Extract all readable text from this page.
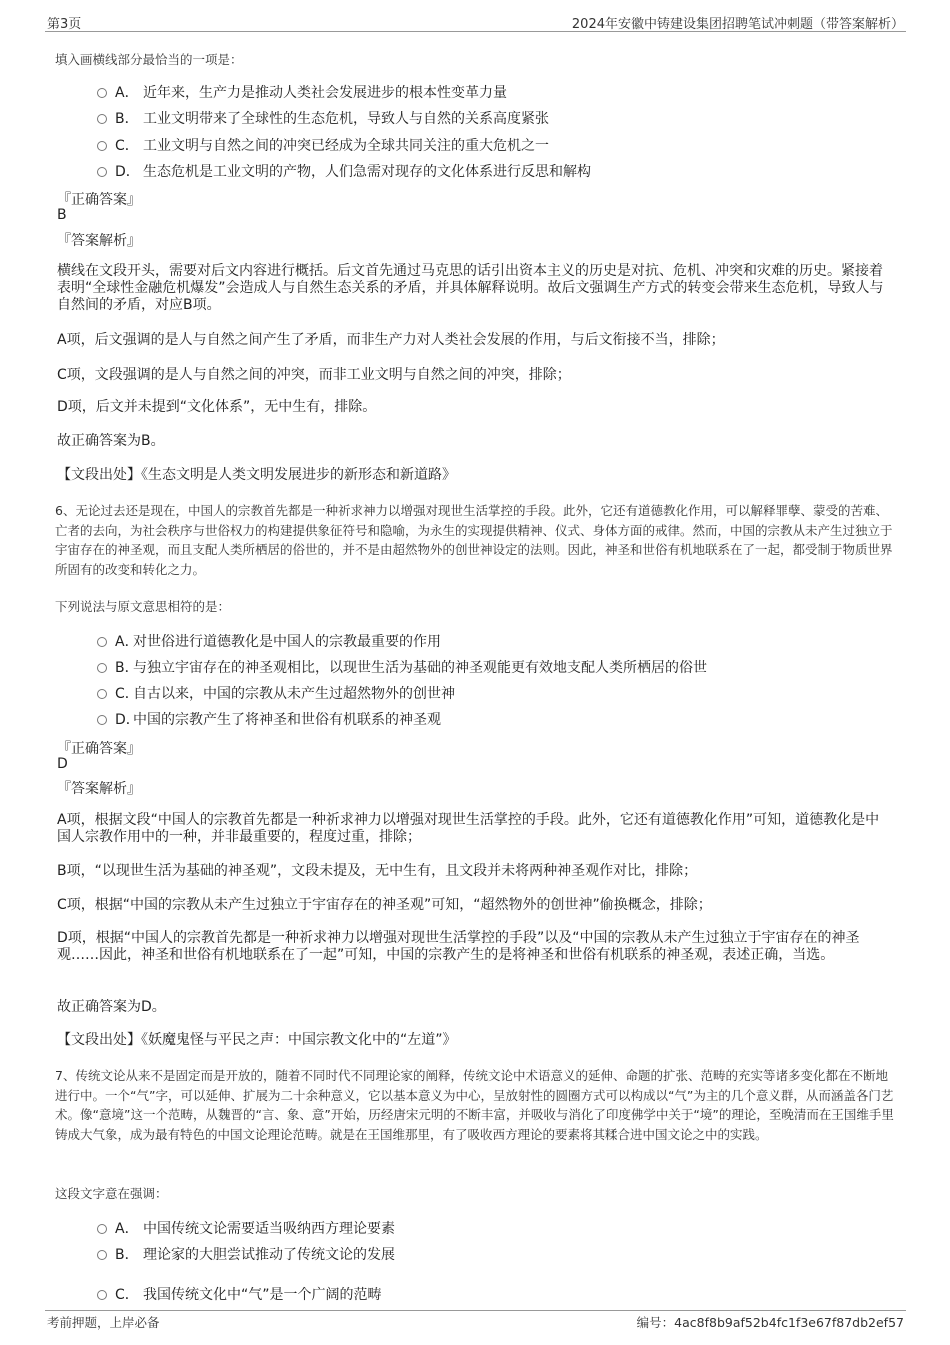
第3页	2024年安徽中铸建设集团招聘笔试冲刺题（带答案解析）
填入画横线部分最恰当的一项是：
A． 近年来，生产力是推动人类社会发展进步的根本性变革力量
B． 工业文明带来了全球性的生态危机，导致人与自然的关系高度紧张
C． 工业文明与自然之间的冲突已经成为全球共同关注的重大危机之一
D． 生态危机是工业文明的产物，人们急需对现存的文化体系进行反思和解构
『正确答案』
B
『答案解析』
横线在文段开头，需要对后文内容进行概括。后文首先通过马克思的话引出资本主义的历史是对抗、危机、冲突和灾难的历史。紧接着表明“全球性金融危机爆发”会造成人与自然生态关系的矛盾，并具体解释说明。故后文强调生产方式的转变会带来生态危机，导致人与自然间的矛盾，对应B项。
A项，后文强调的是人与自然之间产生了矛盾，而非生产力对人类社会发展的作用，与后文衔接不当，排除；
C项，文段强调的是人与自然之间的冲突，而非工业文明与自然之间的冲突，排除；
D项，后文并未提到“文化体系”，无中生有，排除。
故正确答案为B。
【文段出处】《生态文明是人类文明发展进步的新形态和新道路》
6、无论过去还是现在，中国人的宗教首先都是一种祈求神力以增强对现世生活掌控的手段。此外，它还有道德教化作用，可以解释罪孽、蒙受的苦难、亡者的去向，为社会秩序与世俗权力的构建提供象征符号和隐喻，为永生的实现提供精神、仪式、身体方面的戒律。然而，中国的宗教从未产生过独立于宇宙存在的神圣观，而且支配人类所栖居的俗世的，并不是由超然物外的创世神设定的法则。因此，神圣和世俗有机地联系在了一起，都受制于物质世界所固有的改变和转化之力。
下列说法与原文意思相符的是：
A．对世俗进行道德教化是中国人的宗教最重要的作用
B．与独立宇宙存在的神圣观相比，以现世生活为基础的神圣观能更有效地支配人类所栖居的俗世
C．自古以来，中国的宗教从未产生过超然物外的创世神
D．中国的宗教产生了将神圣和世俗有机联系的神圣观
『正确答案』
D
『答案解析』
A项，根据文段“中国人的宗教首先都是一种祈求神力以增强对现世生活掌控的手段。此外，它还有道德教化作用”可知，道德教化是中国人宗教作用中的一种，并非最重要的，程度过重，排除；
B项，“以现世生活为基础的神圣观”，文段未提及，无中生有，且文段并未将两种神圣观作对比，排除；
C项，根据“中国的宗教从未产生过独立于宇宙存在的神圣观”可知，“超然物外的创世神”偷换概念，排除；
D项，根据“中国人的宗教首先都是一种祈求神力以增强对现世生活掌控的手段”以及“中国的宗教从未产生过独立于宇宙存在的神圣观……因此，神圣和世俗有机地联系在了一起”可知，中国的宗教产生的是将神圣和世俗有机联系的神圣观，表述正确，当选。
故正确答案为D。
【文段出处】《妖魔鬼怪与平民之声：中国宗教文化中的“左道”》
7、传统文论从来不是固定而是开放的，随着不同时代不同理论家的阐释，传统文论中术语意义的延伸、命题的扩张、范畴的充实等诸多变化都在不断地进行中。一个“气”字，可以延伸、扩展为二十余种意义，它以基本意义为中心，呈放射性的圆圈方式可以构成以“气”为主的几个意义群，从而涵盖各门艺术。像“意境”这一个范畴，从魏晋的“言、象、意”开始，历经唐宋元明的不断丰富，并吸收与消化了印度佛学中关于“境”的理论，至晚清而在王国维手里铸成大气象，成为最有特色的中国文论理论范畴。就是在王国维那里，有了吸收西方理论的要素将其糅合进中国文论之中的实践。
这段文字意在强调：
A． 中国传统文论需要适当吸纳西方理论要素
B． 理论家的大胆尝试推动了传统文论的发展
C． 我国传统文化中“气”是一个广阔的范畴
考前押题，上岸必备	编号：4ac8f8b9af52b4fc1f3e67f87db2ef57
